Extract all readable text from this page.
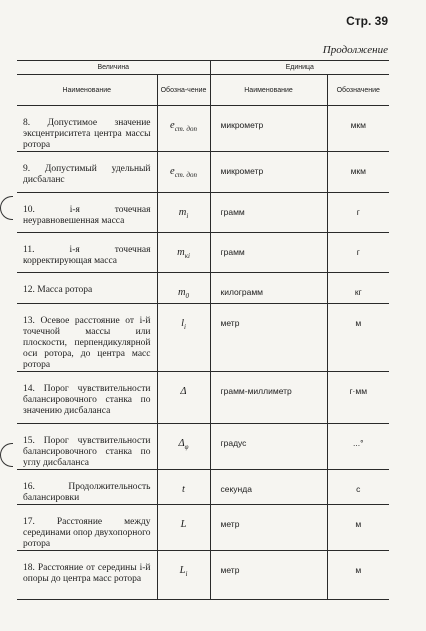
Стр. 39
Продолжение
Величина		Единица	
Наименование	Обозна-чение	Наименование	Обозначение
8. Допустимое значение эксцентриситета центра массы ротора	$e_{ст. доп}$	микрометр	мкм
9. Допустимый удельный дисбаланс	$e_{ст. доп}$	микрометр	мкм
10. i-я точечная неуравновешенная масса	$m_i$	грамм	г
11. i-я точечная корректирующая масса	$m_{кi}$	грамм	г
12. Масса ротора	$m_0$	килограмм	кг
13. Осевое расстояние от i-й точечной массы или плоскости, перпендикулярной оси ротора, до центра масс ротора	$l_i$	метр	м
14. Порог чувствительности балансировочного станка по значению дисбаланса	Δ	грамм-миллиметр	г·мм
15. Порог чувствительности балансировочного станка по углу дисбаланса	$\Delta_\varphi$	градус	...°
16. Продолжительность балансировки	t	секунда	с
17. Расстояние между серединами опор двухопорного ротора	L	метр	м
18. Расстояние от середины i-й опоры до центра масс ротора	$L_i$	метр	м
